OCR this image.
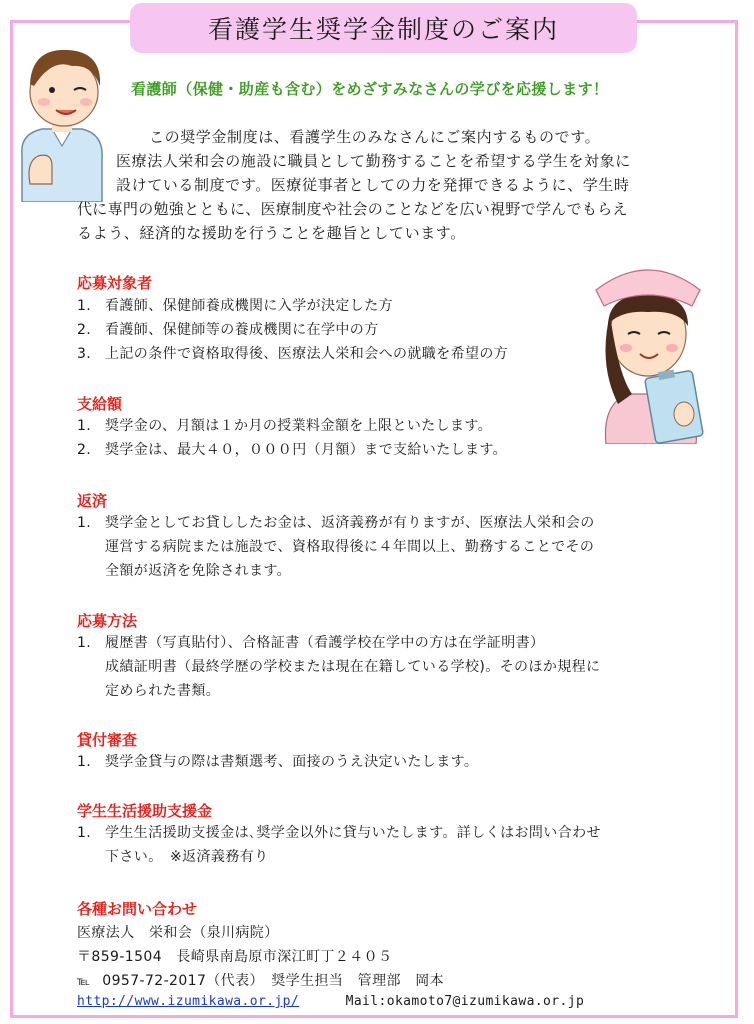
看護学生奨学金制度のご案内
看護師（保健・助産も含む）をめざすみなさんの学びを応援します！
この奨学金制度は、看護学生のみなさんにご案内するものです。
医療法人栄和会の施設に職員として勤務することを希望する学生を対象に
設けている制度です。医療従事者としての力を発揮できるように、学生時
代に専門の勉強とともに、医療制度や社会のことなどを広い視野で学んでもらえ
るよう、経済的な援助を行うことを趣旨としています。
応募対象者
1. 看護師、保健師養成機関に入学が決定した方
2. 看護師、保健師等の養成機関に在学中の方
3. 上記の条件で資格取得後、医療法人栄和会への就職を希望の方
支給額
1. 奨学金の、月額は１か月の授業料金額を上限といたします。
2. 奨学金は、最大４０，０００円（月額）まで支給いたします。
返済
1. 奨学金としてお貸ししたお金は、返済義務が有りますが、医療法人栄和会の
運営する病院または施設で、資格取得後に４年間以上、勤務することでその
全額が返済を免除されます。
応募方法
1. 履歴書（写真貼付）、合格証書（看護学校在学中の方は在学証明書）
成績証明書（最終学歴の学校または現在在籍している学校)。そのほか規程に
定められた書類。
貸付審査
1. 奨学金貸与の際は書類選考、面接のうえ決定いたします。
学生生活援助支援金
1. 学生生活援助支援金は､奨学金以外に貸与いたします。詳しくはお問い合わせ
下さい。　※返済義務有り
各種お問い合わせ
医療法人　栄和会（泉川病院）
〒859-1504　長崎県南島原市深江町丁２４０５
℡ 0957-72-2017（代表）　奨学生担当　管理部　岡本
http://www.izumikawa.or.jp/	Mail:okamoto7@izumikawa.or.jp
